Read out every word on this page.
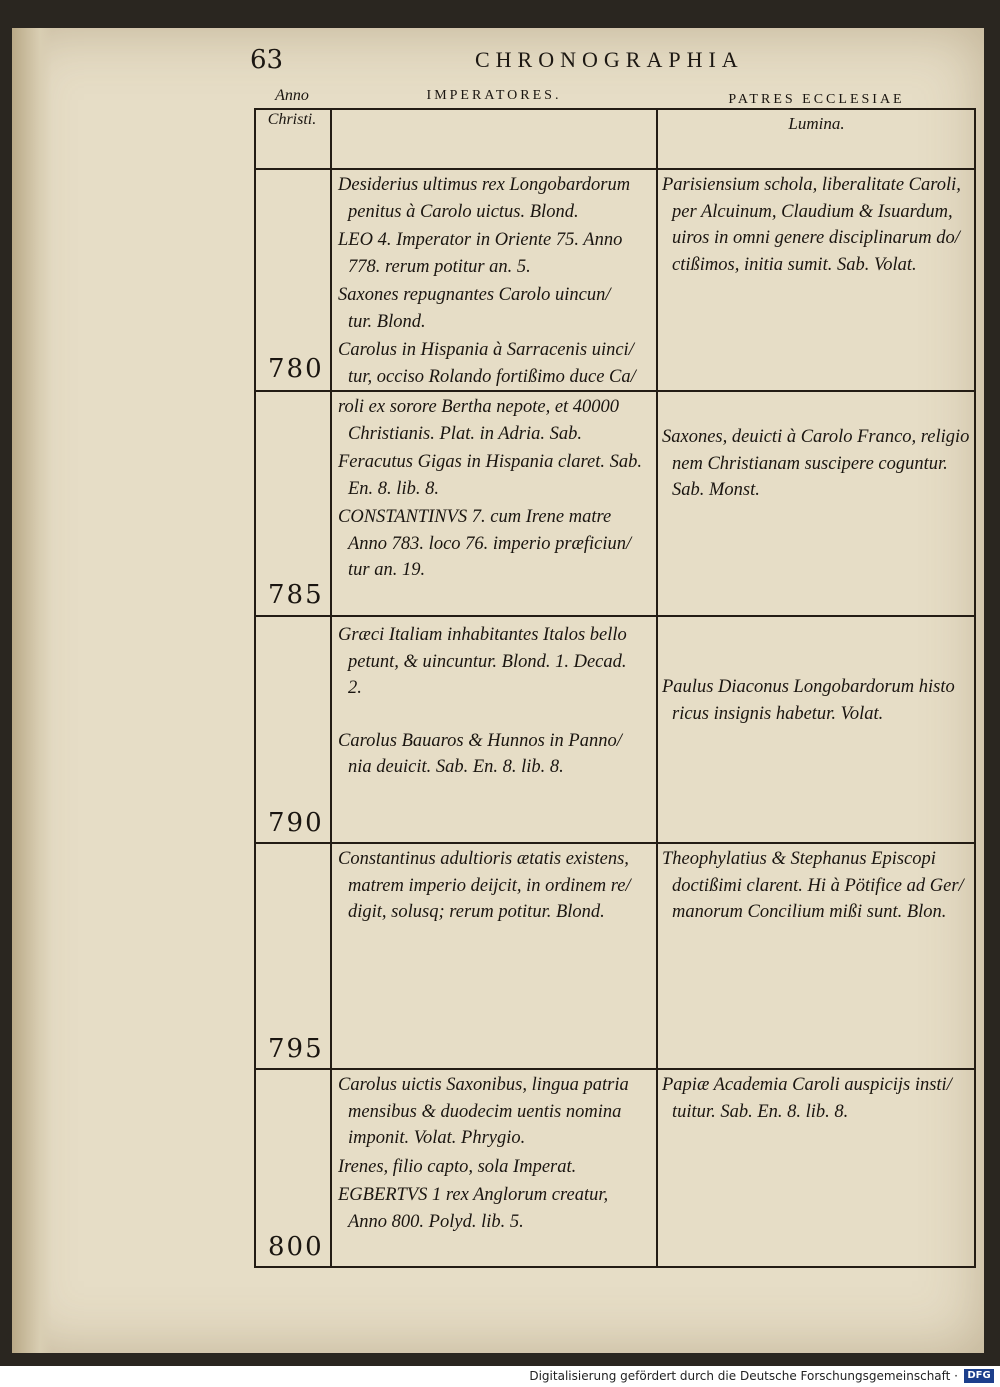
63	CHRONOGRAPHIA
Anno
Christi.
IMPERATORES.	PATRES ECCLESIAE
Lumina.
Desiderius ultimus rex Longobardorum
penitus à Carolo uictus. Blond.
LEO 4. Imperator in Oriente 75. Anno
778. rerum potitur an. 5.
Saxones repugnantes Carolo uincun/
tur. Blond.
Carolus in Hispania à Sarracenis uinci/
tur, occiso Rolando fortißimo duce Ca/
Parisiensium schola, liberalitate Caroli,
per Alcuinum, Claudium & Isuardum,
uiros in omni genere disciplinarum do/
ctißimos, initia sumit. Sab. Volat.
780
roli ex sorore Bertha nepote, et 40000
Christianis. Plat. in Adria. Sab.
Feracutus Gigas in Hispania claret. Sab.
En. 8. lib. 8.
CONSTANTINVS 7. cum Irene matre
Anno 783. loco 76. imperio præficiun/
tur an. 19.
Saxones, deuicti à Carolo Franco, religio
nem Christianam suscipere coguntur.
Sab. Monst.
785
Græci Italiam inhabitantes Italos bello
petunt, & uincuntur. Blond. 1. Decad.
2.
Carolus Bauaros & Hunnos in Panno/
nia deuicit. Sab. En. 8. lib. 8.
Paulus Diaconus Longobardorum histo
ricus insignis habetur. Volat.
790
Constantinus adultioris ætatis existens,
matrem imperio deijcit, in ordinem re/
digit, solusq; rerum potitur. Blond.
Theophylatius & Stephanus Episcopi
doctißimi clarent. Hi à Pötifice ad Ger/
manorum Concilium mißi sunt. Blon.
795
Carolus uictis Saxonibus, lingua patria
mensibus & duodecim uentis nomina
imponit. Volat. Phrygio.
Irenes, filio capto, sola Imperat.
EGBERTVS 1 rex Anglorum creatur,
Anno 800. Polyd. lib. 5.
Papiæ Academia Caroli auspicijs insti/
tuitur. Sab. En. 8. lib. 8.
800
Digitalisierung gefördert durch die Deutsche Forschungsgemeinschaft · DFG
